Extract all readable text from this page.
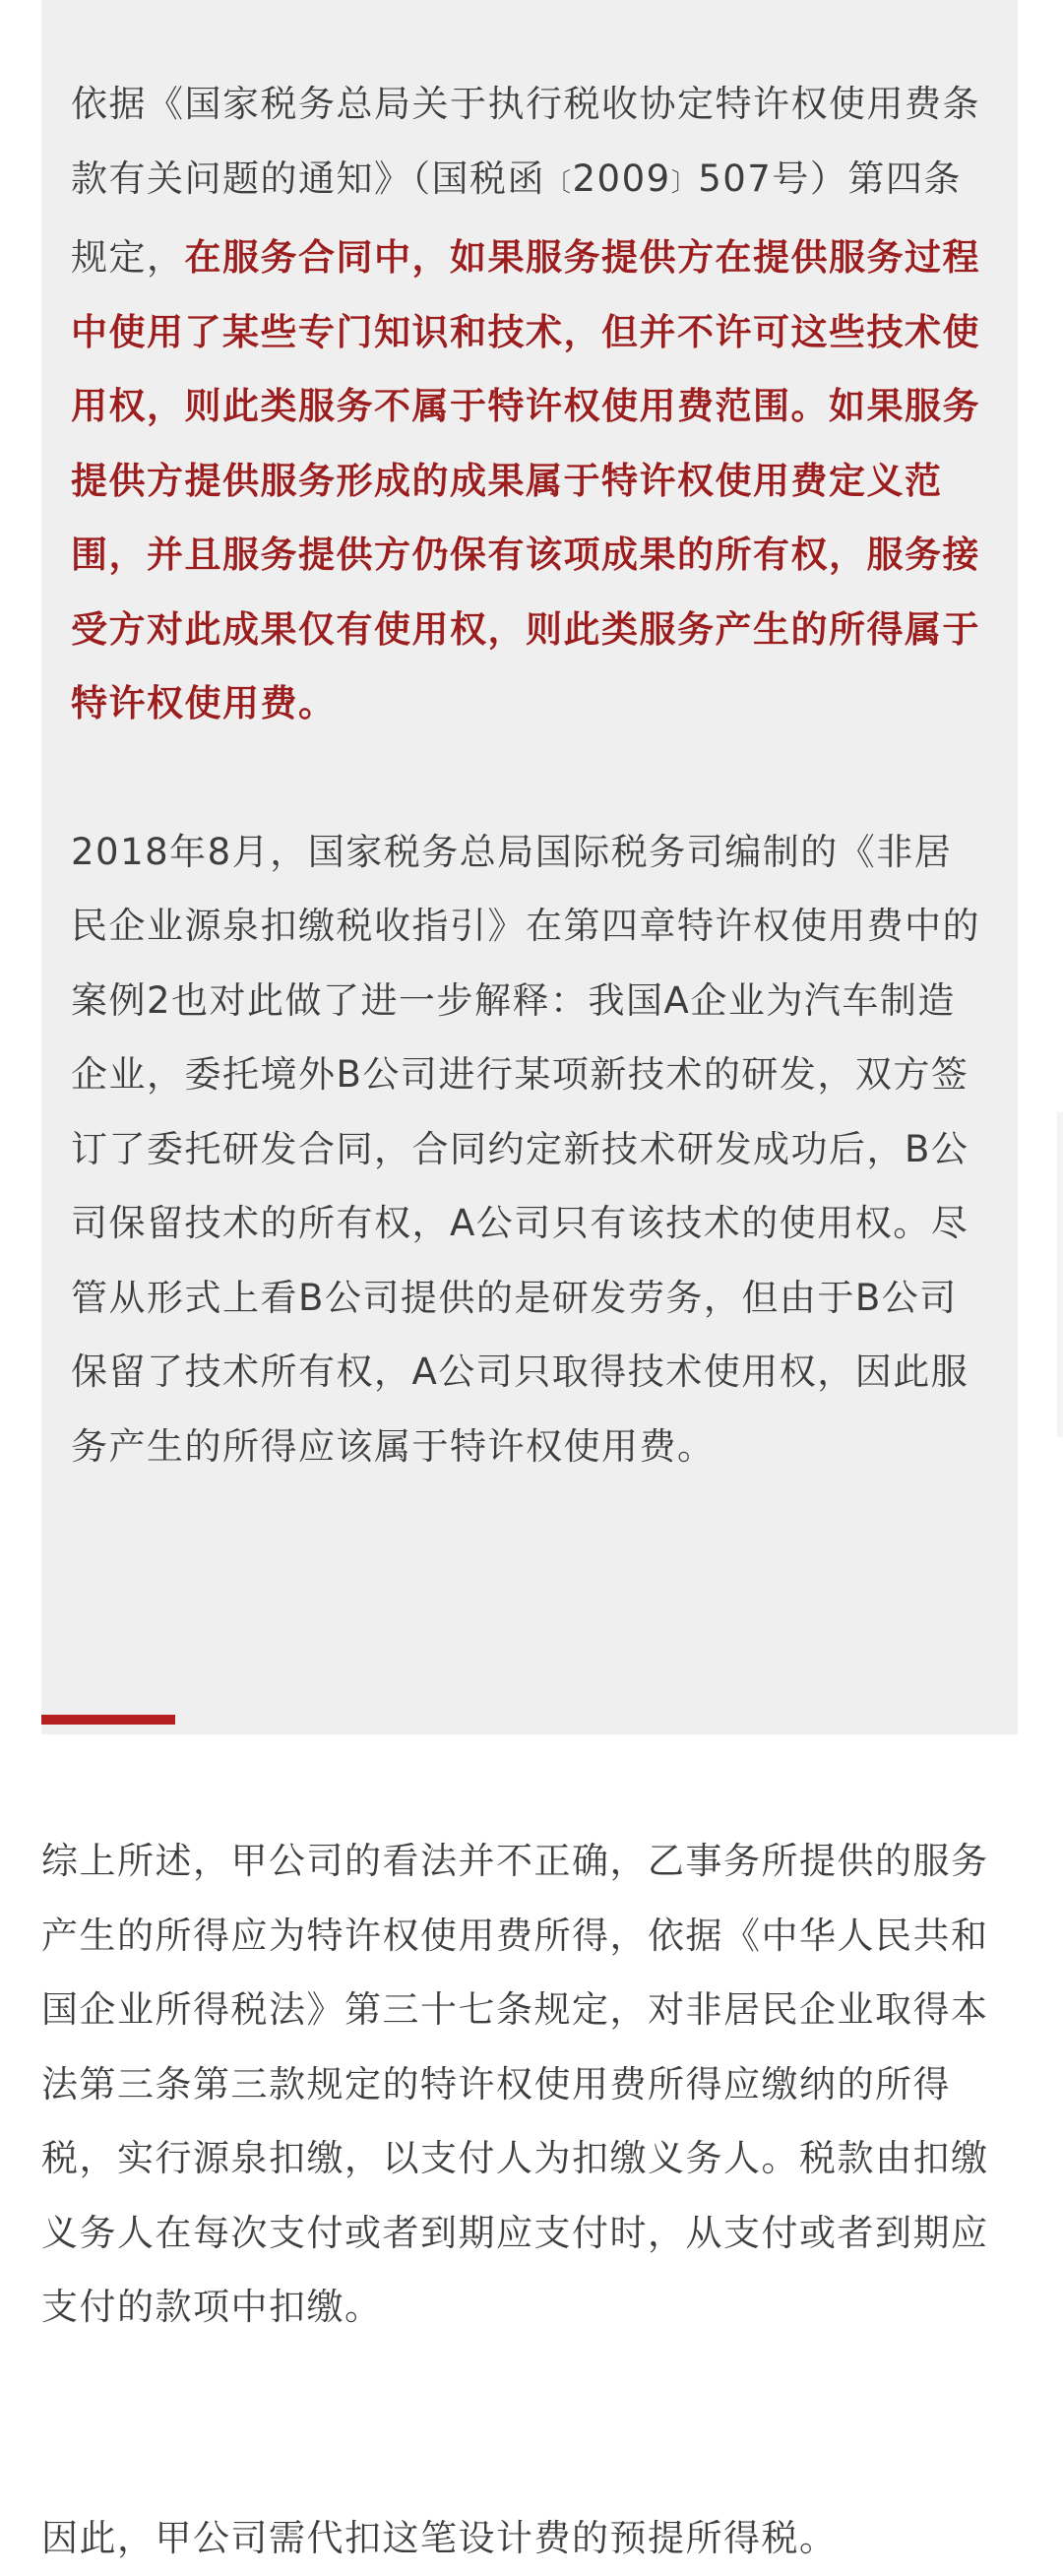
依据《国家税务总局关于执行税收协定特许权使用费条款有关问题的通知》（国税函〔2009〕507号）第四条规定，在服务合同中，如果服务提供方在提供服务过程中使用了某些专门知识和技术，但并不许可这些技术使用权，则此类服务不属于特许权使用费范围。如果服务提供方提供服务形成的成果属于特许权使用费定义范围，并且服务提供方仍保有该项成果的所有权，服务接受方对此成果仅有使用权，则此类服务产生的所得属于特许权使用费。

2018年8月，国家税务总局国际税务司编制的《非居民企业源泉扣缴税收指引》在第四章特许权使用费中的案例2也对此做了进一步解释：我国A企业为汽车制造企业，委托境外B公司进行某项新技术的研发，双方签订了委托研发合同，合同约定新技术研发成功后，B公司保留技术的所有权，A公司只有该技术的使用权。尽管从形式上看B公司提供的是研发劳务，但由于B公司保留了技术所有权，A公司只取得技术使用权，因此服务产生的所得应该属于特许权使用费。

综上所述，甲公司的看法并不正确，乙事务所提供的服务产生的所得应为特许权使用费所得，依据《中华人民共和国企业所得税法》第三十七条规定，对非居民企业取得本法第三条第三款规定的特许权使用费所得应缴纳的所得税，实行源泉扣缴，以支付人为扣缴义务人。税款由扣缴义务人在每次支付或者到期应支付时，从支付或者到期应支付的款项中扣缴。

因此，甲公司需代扣这笔设计费的预提所得税。
